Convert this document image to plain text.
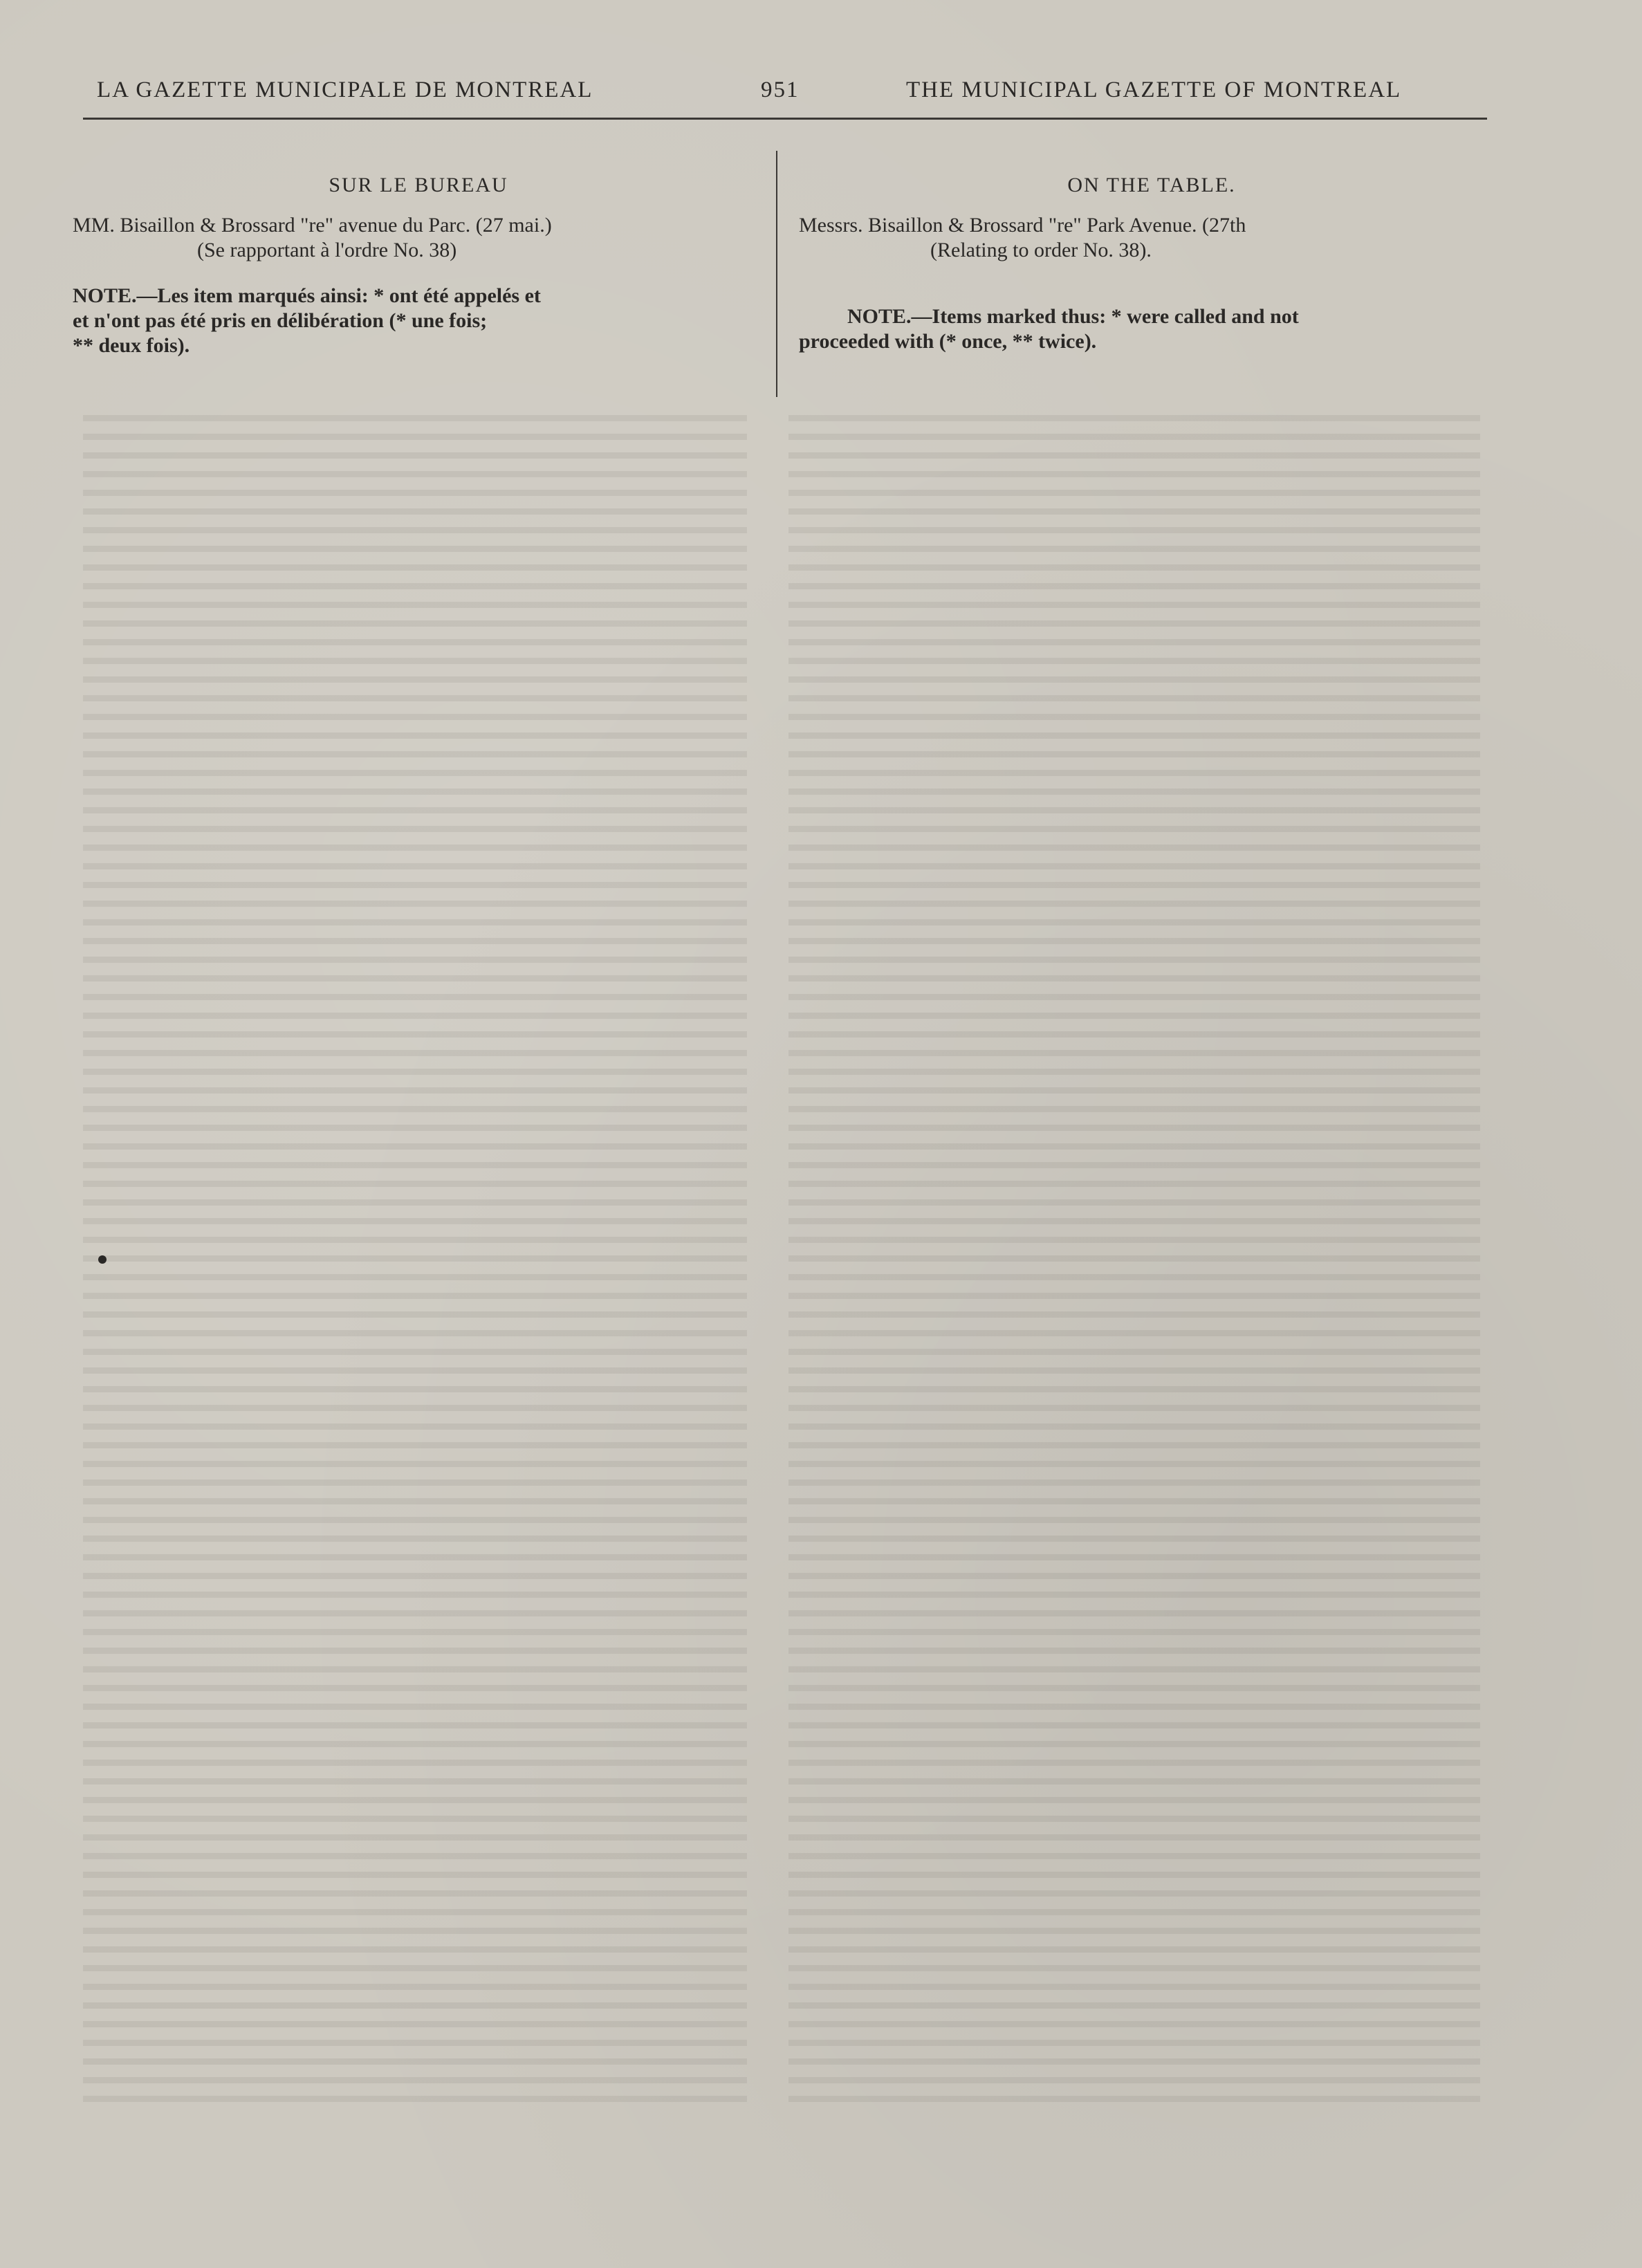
LA GAZETTE MUNICIPALE DE MONTREAL	951	THE MUNICIPAL GAZETTE OF MONTREAL
SUR LE BUREAU
MM. Bisaillon & Brossard "re" avenue du Parc. (27 mai.)
(Se rapportant à l'ordre No. 38)
NOTE.—Les item marqués ainsi: * ont été appelés et
et n'ont pas été pris en délibération (* une fois;
** deux fois).
ON THE TABLE.
Messrs. Bisaillon & Brossard "re" Park Avenue. (27th
(Relating to order No. 38).
NOTE.—Items marked thus: * were called and not
proceeded with (* once, ** twice).
